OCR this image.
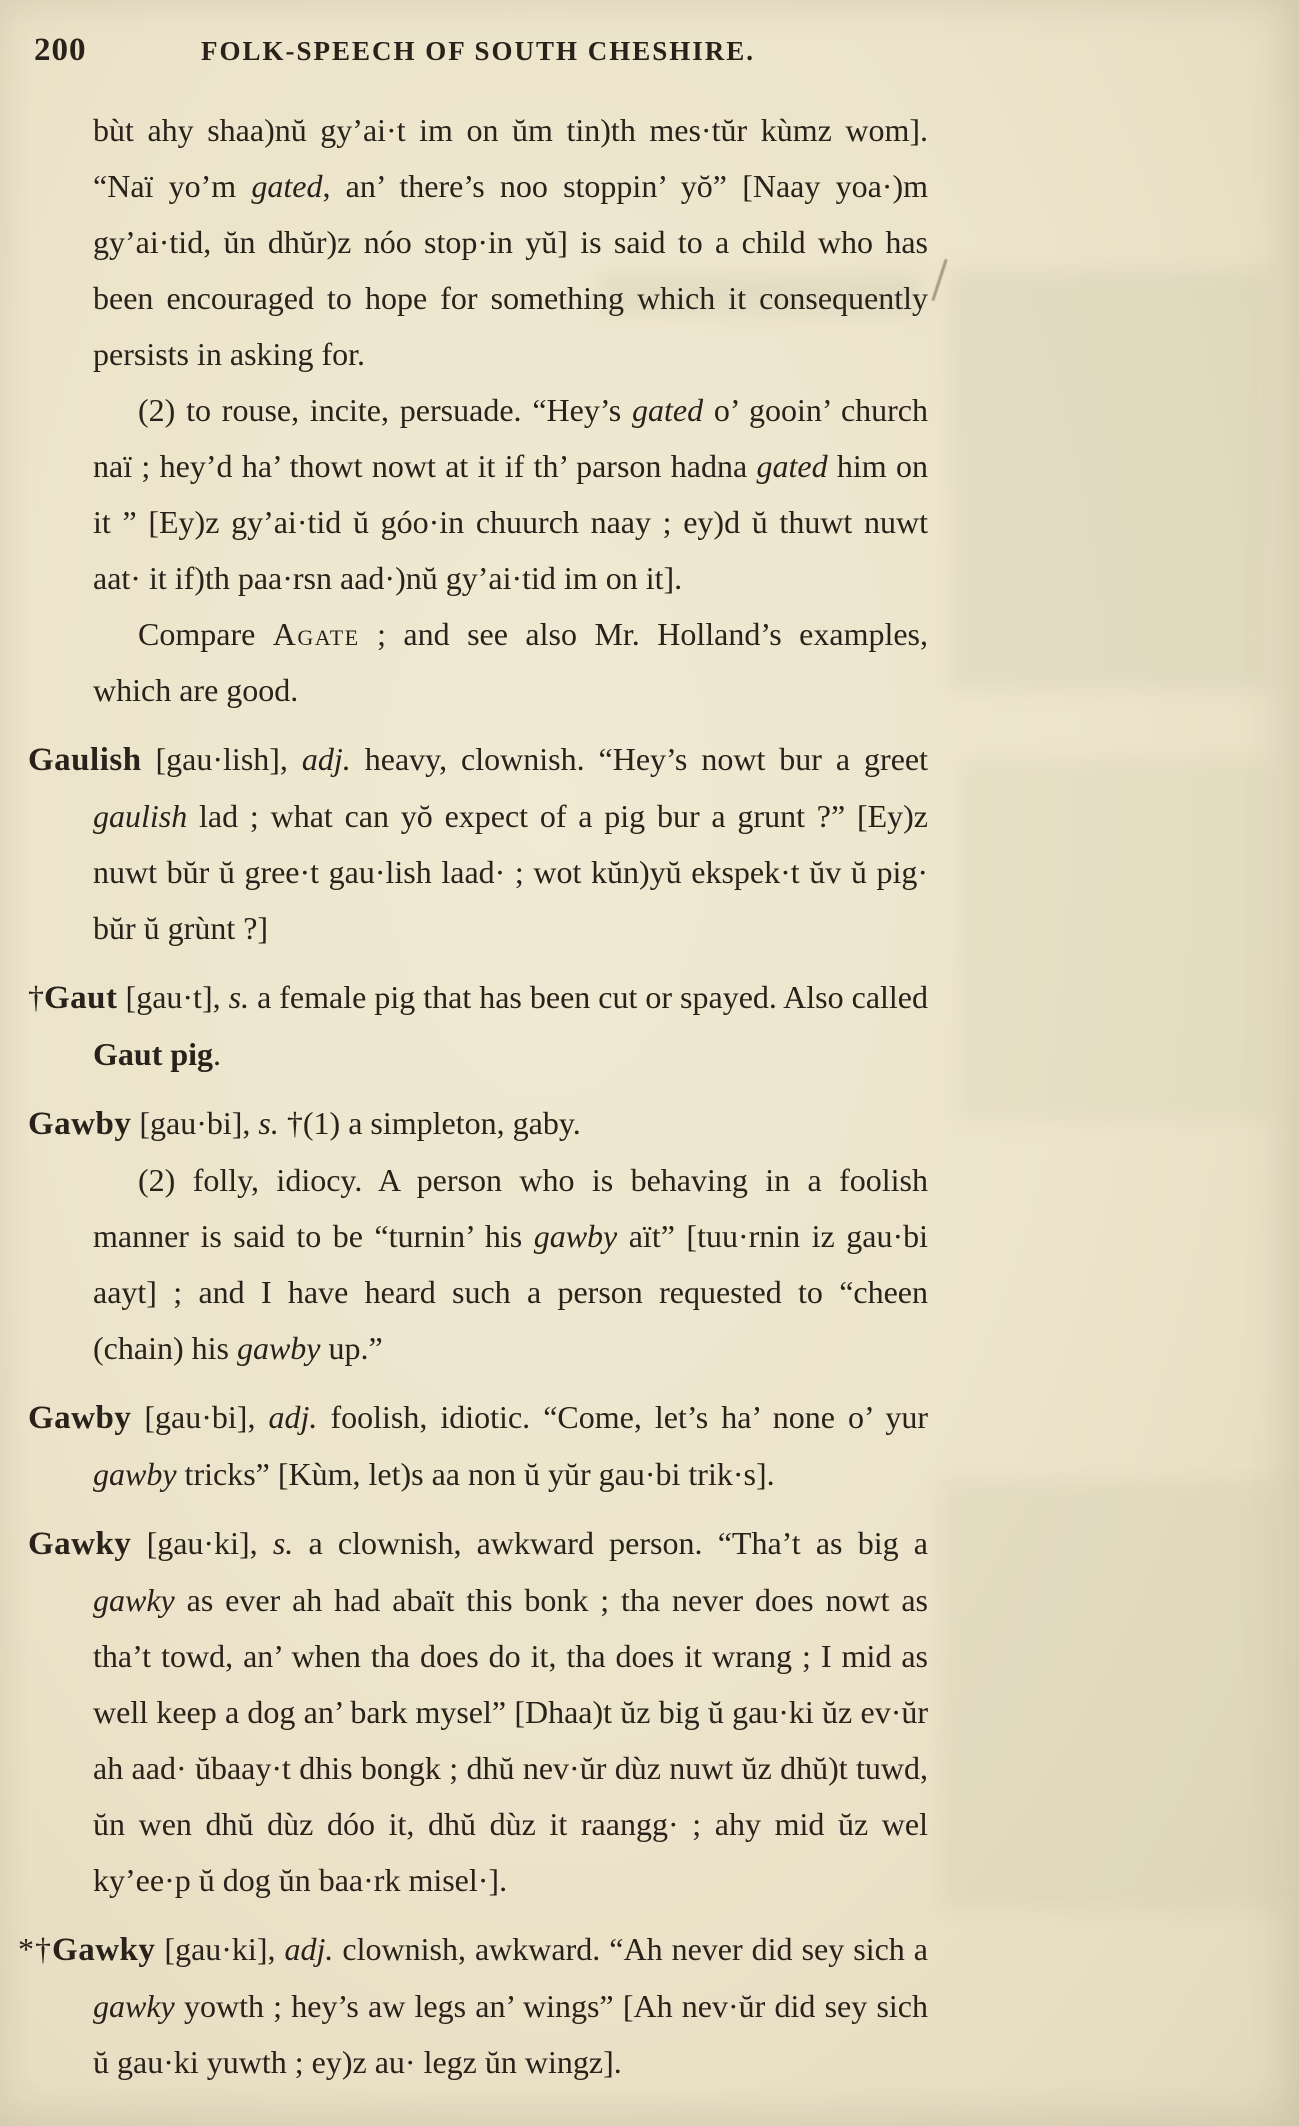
200	FOLK-SPEECH OF SOUTH CHESHIRE.

bùt ahy shaa)nŭ gy’ai·t im on ŭm tin)th mes·tŭr kùmz wom]. “Naï yo’m gated, an’ there’s noo stoppin’ yŏ” [Naay yoa·)m gy’ai·tid, ŭn dhŭr)z nóo stop·in yŭ] is said to a child who has been encouraged to hope for something which it consequently persists in asking for.

(2) to rouse, incite, persuade. “Hey’s gated o’ gooin’ church naï ; hey’d ha’ thowt nowt at it if th’ parson hadna gated him on it ” [Ey)z gy’ai·tid ŭ góo·in chuurch naay ; ey)d ŭ thuwt nuwt aat· it if)th paa·rsn aad·)nŭ gy’ai·tid im on it].

Compare Agate ; and see also Mr. Holland’s examples, which are good.

Gaulish [gau·lish], adj. heavy, clownish. “Hey’s nowt bur a greet gaulish lad ; what can yŏ expect of a pig bur a grunt ?” [Ey)z nuwt bŭr ŭ gree·t gau·lish laad· ; wot kŭn)yŭ ekspek·t ŭv ŭ pig· bŭr ŭ grùnt ?]

†Gaut [gau·t], s. a female pig that has been cut or spayed. Also called Gaut pig.

Gawby [gau·bi], s. †(1) a simpleton, gaby.

(2) folly, idiocy. A person who is behaving in a foolish manner is said to be “turnin’ his gawby aït” [tuu·rnin iz gau·bi aayt] ; and I have heard such a person requested to “cheen (chain) his gawby up.”

Gawby [gau·bi], adj. foolish, idiotic. “Come, let’s ha’ none o’ yur gawby tricks” [Kùm, let)s aa non ŭ yŭr gau·bi trik·s].

Gawky [gau·ki], s. a clownish, awkward person. “Tha’t as big a gawky as ever ah had abaït this bonk ; tha never does nowt as tha’t towd, an’ when tha does do it, tha does it wrang ; I mid as well keep a dog an’ bark mysel” [Dhaa)t ŭz big ŭ gau·ki ŭz ev·ŭr ah aad· ŭbaay·t dhis bongk ; dhŭ nev·ŭr dùz nuwt ŭz dhŭ)t tuwd, ŭn wen dhŭ dùz dóo it, dhŭ dùz it raangg· ; ahy mid ŭz wel ky’ee·p ŭ dog ŭn baa·rk misel·].

*†Gawky [gau·ki], adj. clownish, awkward. “Ah never did sey sich a gawky yowth ; hey’s aw legs an’ wings” [Ah nev·ŭr did sey sich ŭ gau·ki yuwth ; ey)z au· legz ŭn wingz].
